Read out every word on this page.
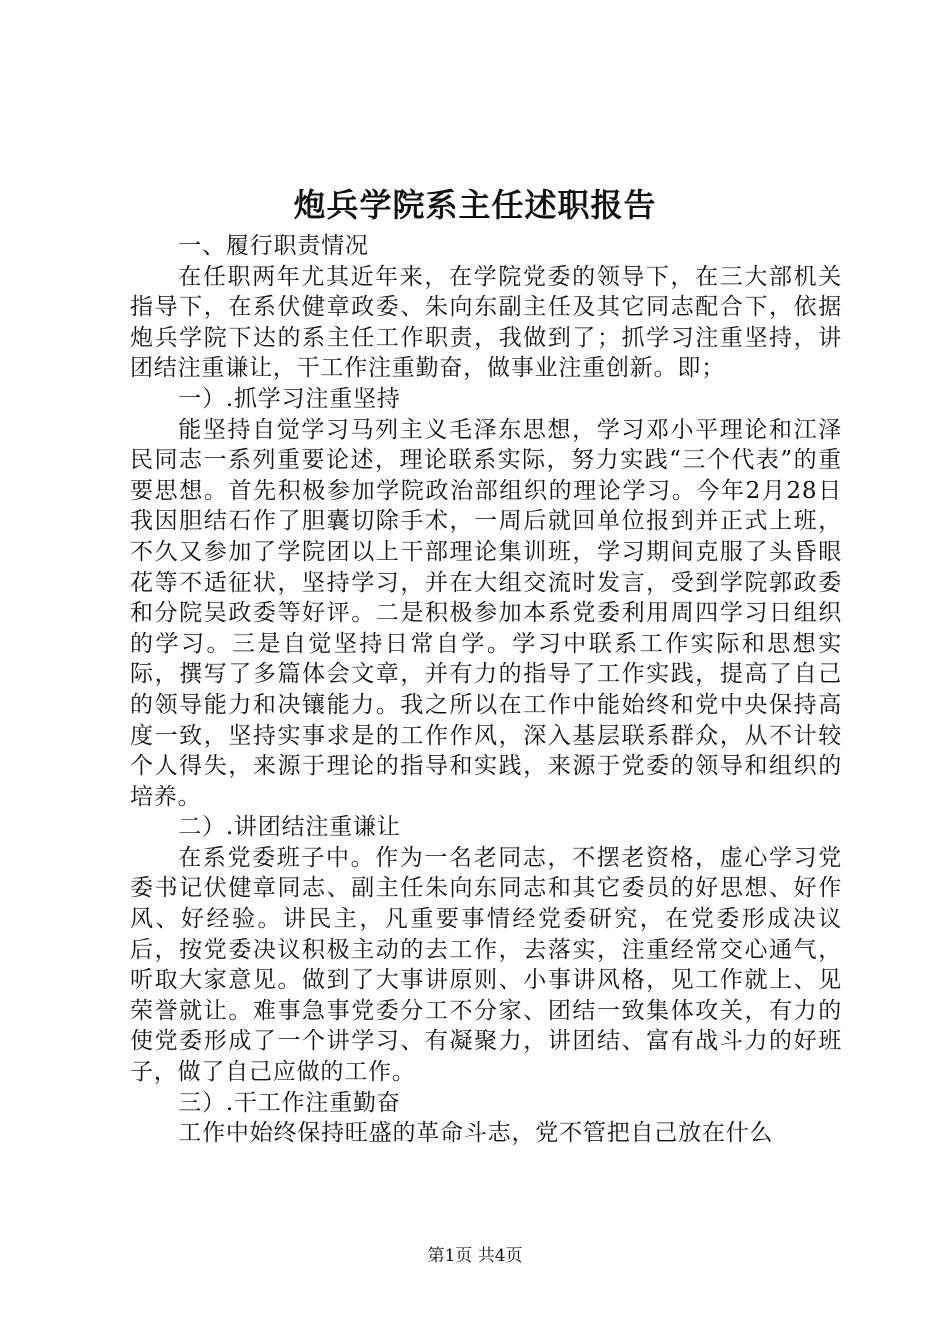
炮兵学院系主任述职报告

一、履行职责情况

在任职两年尤其近年来，在学院党委的领导下，在三大部机关指导下，在系伏健章政委、朱向东副主任及其它同志配合下，依据炮兵学院下达的系主任工作职责，我做到了；抓学习注重坚持，讲团结注重谦让，干工作注重勤奋，做事业注重创新。即；

一）.抓学习注重坚持

能坚持自觉学习马列主义毛泽东思想，学习邓小平理论和江泽民同志一系列重要论述，理论联系实际，努力实践“三个代表”的重要思想。首先积极参加学院政治部组织的理论学习。今年2月28日我因胆结石作了胆囊切除手术，一周后就回单位报到并正式上班，不久又参加了学院团以上干部理论集训班，学习期间克服了头昏眼花等不适征状，坚持学习，并在大组交流时发言，受到学院郭政委和分院吴政委等好评。二是积极参加本系党委利用周四学习日组织的学习。三是自觉坚持日常自学。学习中联系工作实际和思想实际，撰写了多篇体会文章，并有力的指导了工作实践，提高了自己的领导能力和决镶能力。我之所以在工作中能始终和党中央保持高度一致，坚持实事求是的工作作风，深入基层联系群众，从不计较个人得失，来源于理论的指导和实践，来源于党委的领导和组织的培养。

二）.讲团结注重谦让

在系党委班子中。作为一名老同志，不摆老资格，虚心学习党委书记伏健章同志、副主任朱向东同志和其它委员的好思想、好作风、好经验。讲民主，凡重要事情经党委研究，在党委形成决议后，按党委决议积极主动的去工作，去落实，注重经常交心通气，听取大家意见。做到了大事讲原则、小事讲风格，见工作就上、见荣誉就让。难事急事党委分工不分家、团结一致集体攻关，有力的使党委形成了一个讲学习、有凝聚力，讲团结、富有战斗力的好班子，做了自己应做的工作。

三）.干工作注重勤奋

工作中始终保持旺盛的革命斗志，党不管把自己放在什么

第1页 共4页
